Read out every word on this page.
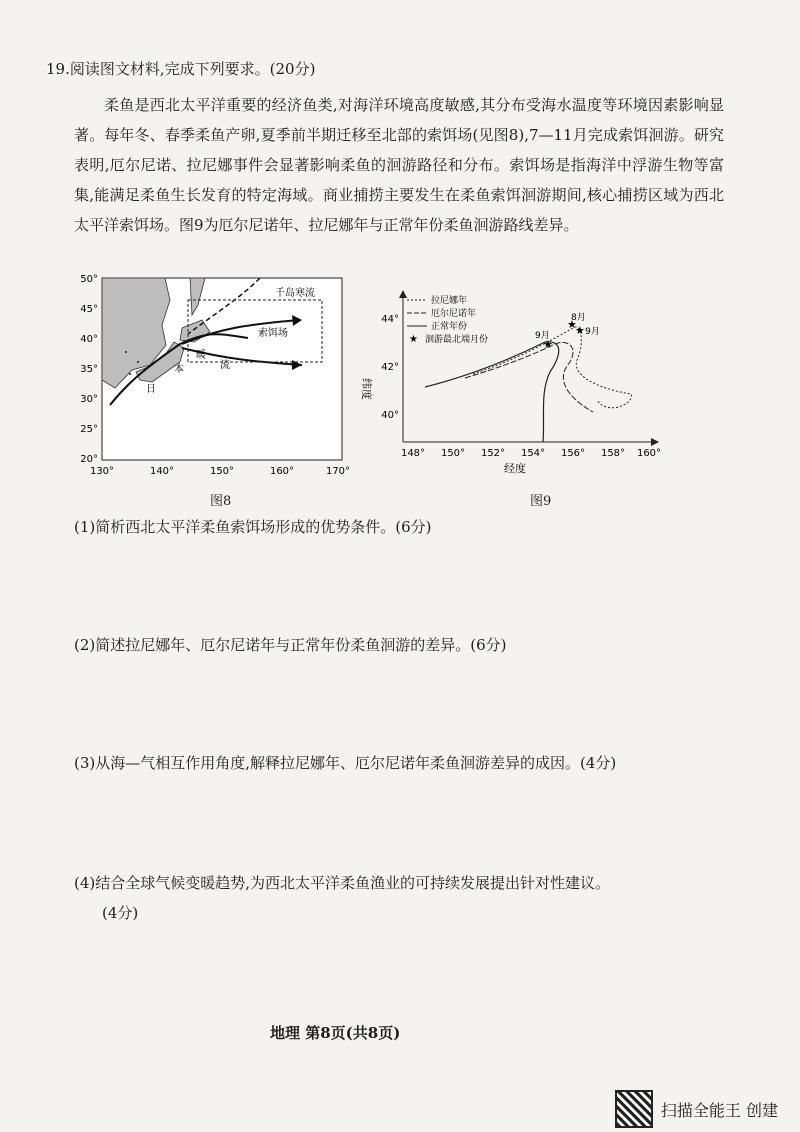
19.阅读图文材料,完成下列要求。(20分)
柔鱼是西北太平洋重要的经济鱼类,对海洋环境高度敏感,其分布受海水温度等环境因素影响显著。每年冬、春季柔鱼产卵,夏季前半期迁移至北部的索饵场(见图8),7—11月完成索饵洄游。研究表明,厄尔尼诺、拉尼娜事件会显著影响柔鱼的洄游路径和分布。索饵场是指海洋中浮游生物等富集,能满足柔鱼生长发育的特定海域。商业捕捞主要发生在柔鱼索饵洄游期间,核心捕捞区域为西北太平洋索饵场。图9为厄尔尼诺年、拉尼娜年与正常年份柔鱼洄游路线差异。
千岛寒流
索饵场
暖
流
日
本
50°
45°
40°
35°
30°
25°
20°
130°	140°	150°	160°	170°
图8
拉尼娜年
厄尔尼诺年
正常年份
★ 洄游最北端月份	★
★
★
8月
9月	9月
44°
42°
40°
纬度
148° 150° 152° 154° 156° 158° 160°
经度
图9
(1)简析西北太平洋柔鱼索饵场形成的优势条件。(6分)
(2)简述拉尼娜年、厄尔尼诺年与正常年份柔鱼洄游的差异。(6分)
(3)从海—气相互作用角度,解释拉尼娜年、厄尔尼诺年柔鱼洄游差异的成因。(4分)
(4)结合全球气候变暖趋势,为西北太平洋柔鱼渔业的可持续发展提出针对性建议。
(4分)
地理 第8页(共8页)
扫描全能王 创建
